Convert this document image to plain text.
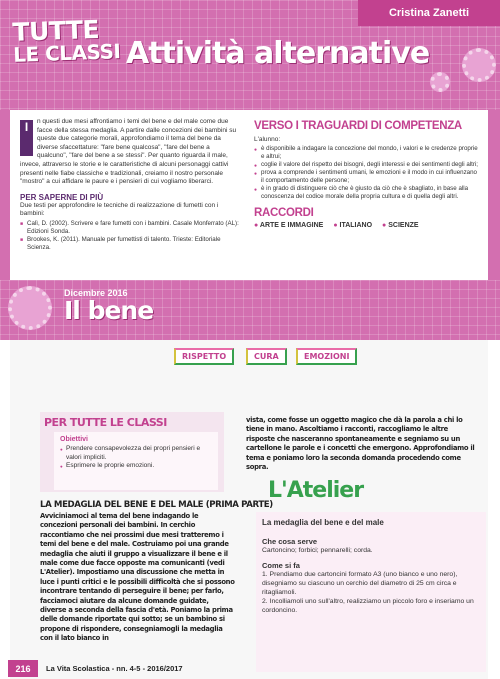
Cristina Zanetti
TUTTE
LE CLASSI Attività alternative
I	n questi due mesi affrontiamo i temi del bene e del male come due facce della stessa medaglia. A partire dalle concezioni dei bambini su queste due categorie morali, approfondiamo il tema del bene da diverse sfaccettature: "fare bene qualcosa", "fare del bene a qualcuno", "fare del bene a se stessi". Per quanto riguarda il male, invece, attraverso le storie e le caratteristiche di alcuni personaggi cattivi presenti nelle fiabe classiche e tradizionali, creiamo il nostro personale "mostro" a cui affidare le paure e i pensieri di cui vogliamo liberarci.

PER SAPERNE DI PIÙ

Due testi per approfondire le tecniche di realizzazione di fumetti con i bambini:

■ Calì, D. (2002). Scrivere e fare fumetti con i bambini. Casale Monferrato (AL): Edizioni Sonda.
■ Brookes, K. (2011). Manuale per fumettisti di talento. Trieste: Editoriale Scienza.
VERSO I TRAGUARDI DI COMPETENZA

L'alunno:

● è disponibile a indagare la concezione del mondo, i valori e le credenze proprie e altrui;
● coglie il valore del rispetto dei bisogni, degli interessi e dei sentimenti degli altri;
● prova a comprende i sentimenti umani, le emozioni e il modo in cui influenzano il comportamento delle persone;
● è in grado di distinguere ciò che è giusto da ciò che è sbagliato, in base alla conoscenza del codice morale della propria cultura e di quella degli altri.
RACCORDI
● ARTE E IMMAGINE	● ITALIANO	● SCIENZE
Dicembre 2016
Il bene
RISPETTO	CURA	EMOZIONI
PER TUTTE LE CLASSI
Obiettivi
● Prendere consapevolezza dei propri pensieri e valori impliciti.
● Esprimere le proprie emozioni.
LA MEDAGLIA DEL BENE E DEL MALE (PRIMA PARTE)

Avviciniamoci al tema del bene indagando le concezioni personali dei bambini. In cerchio raccontiamo che nei prossimi due mesi tratteremo i temi del bene e del male. Costruiamo poi una grande medaglia che aiuti il gruppo a visualizzare il bene e il male come due facce opposte ma comunicanti (vedi L'Atelier). Impostiamo una discussione che metta in luce i punti critici e le possibili difficoltà che si possono incontrare tentando di perseguire il bene; per farlo, facciamoci aiutare da alcune domande guidate, diverse a seconda della fascia d'età. Poniamo la prima delle domande riportate qui sotto; se un bambino si propone di rispondere, consegniamogli la medaglia con il lato bianco in

vista, come fosse un oggetto magico che dà la parola a chi lo tiene in mano. Ascoltiamo i racconti, raccogliamo le altre risposte che nasceranno spontaneamente e segniamo su un cartellone le parole e i concetti che emergono. Approfondiamo il tema e poniamo loro la seconda domanda procedendo come sopra.

L'Atelier
La medaglia del bene e del male
Che cosa serve

Cartoncino; forbici; pennarelli; corda.

Come si fa

1. Prendiamo due cartoncini formato A3 (uno bianco e uno nero), disegniamo su ciascuno un cerchio del diametro di 25 cm circa e ritagliamoli.

2. Incolliamoli uno sull'altro, realizziamo un piccolo foro e inseriamo un cordoncino.

216	La Vita Scolastica - nn. 4-5 - 2016/2017
